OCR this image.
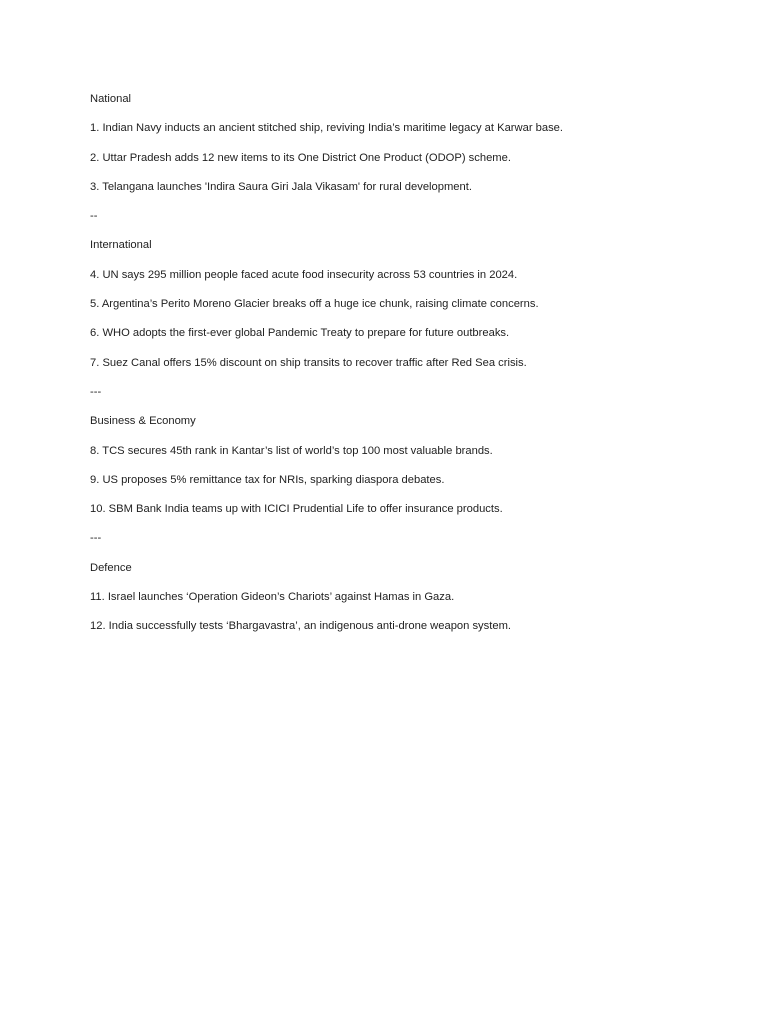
National
1. Indian Navy inducts an ancient stitched ship, reviving India’s maritime legacy at Karwar base.
2. Uttar Pradesh adds 12 new items to its One District One Product (ODOP) scheme.
3. Telangana launches 'Indira Saura Giri Jala Vikasam' for rural development.
--
International
4. UN says 295 million people faced acute food insecurity across 53 countries in 2024.
5. Argentina’s Perito Moreno Glacier breaks off a huge ice chunk, raising climate concerns.
6. WHO adopts the first-ever global Pandemic Treaty to prepare for future outbreaks.
7. Suez Canal offers 15% discount on ship transits to recover traffic after Red Sea crisis.
---
Business & Economy
8. TCS secures 45th rank in Kantar’s list of world’s top 100 most valuable brands.
9. US proposes 5% remittance tax for NRIs, sparking diaspora debates.
10. SBM Bank India teams up with ICICI Prudential Life to offer insurance products.
---
Defence
11. Israel launches ‘Operation Gideon’s Chariots’ against Hamas in Gaza.
12. India successfully tests ‘Bhargavastra’, an indigenous anti-drone weapon system.
